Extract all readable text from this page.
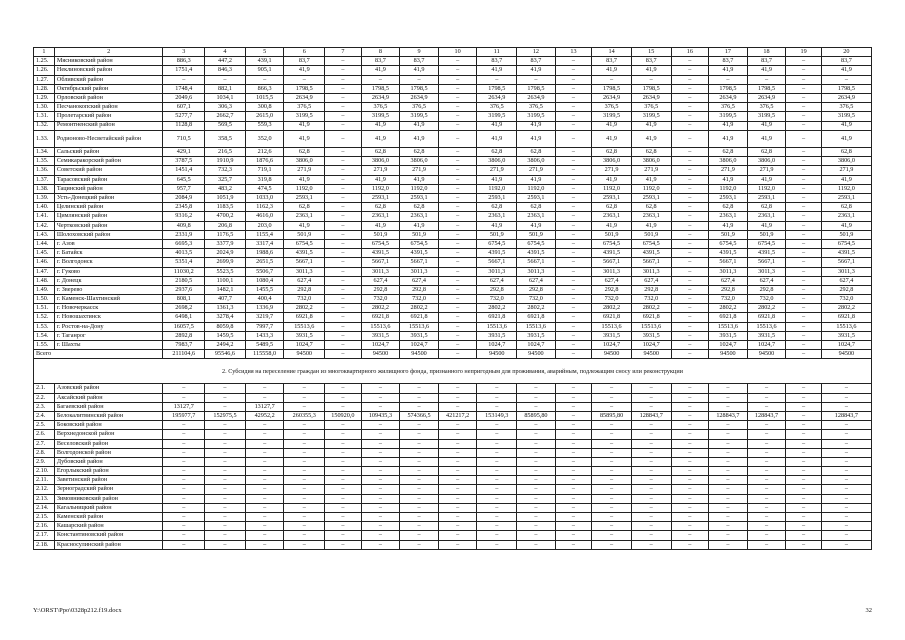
1	2	3	4	5	6	7	8	9	10	11	12	13	14	15	16	17	18	19	20
1.25.	Мясниковский район	886,3	447,2	439,1	83,7	–	83,7	83,7	–	83,7	83,7	–	83,7	83,7	–	83,7	83,7	–	83,7
1.26.	Неклиновский район	1751,4	846,3	905,1	41,9	–	41,9	41,9	–	41,9	41,9	–	41,9	41,9	–	41,9	41,9	–	41,9
1.27.	Обливский район	–	–	–	–	–	–	–	–	–	–	–	–	–	–	–	–	–	–
1.28.	Октябрьский район	1748,4	882,1	866,3	1798,5	–	1798,5	1798,5	–	1798,5	1798,5	–	1798,5	1798,5	–	1798,5	1798,5	–	1798,5
1.29.	Орловский район	2049,6	1034,1	1015,5	2634,9	–	2634,9	2634,9	–	2634,9	2634,9	–	2634,9	2634,9	–	2634,9	2634,9	–	2634,9
1.30.	Песчанокопский район	607,1	306,3	300,8	376,5	–	376,5	376,5	–	376,5	376,5	–	376,5	376,5	–	376,5	376,5	–	376,5
1.31.	Пролетарский район	5277,7	2662,7	2615,0	3199,5	–	3199,5	3199,5	–	3199,5	3199,5	–	3199,5	3199,5	–	3199,5	3199,5	–	3199,5
1.32.	Ремонтненский район	1128,8	569,5	559,3	41,9	–	41,9	41,9	–	41,9	41,9	–	41,9	41,9	–	41,9	41,9	–	41,9
1.33.	Родионово-Несветайский район	710,5	358,5	352,0	41,9	–	41,9	41,9	–	41,9	41,9	–	41,9	41,9	–	41,9	41,9	–	41,9
1.34.	Сальский район	429,1	216,5	212,6	62,8	–	62,8	62,8	–	62,8	62,8	–	62,8	62,8	–	62,8	62,8	–	62,8
1.35.	Семикаракорский район	3787,5	1910,9	1876,6	3806,0	–	3806,0	3806,0	–	3806,0	3806,0	–	3806,0	3806,0	–	3806,0	3806,0	–	3806,0
1.36.	Советский район	1451,4	732,3	719,1	271,9	–	271,9	271,9	–	271,9	271,9	–	271,9	271,9	–	271,9	271,9	–	271,9
1.37.	Тарасовский район	645,5	325,7	319,8	41,9	–	41,9	41,9	–	41,9	41,9	–	41,9	41,9	–	41,9	41,9	–	41,9
1.38.	Тацинский район	957,7	483,2	474,5	1192,0	–	1192,0	1192,0	–	1192,0	1192,0	–	1192,0	1192,0	–	1192,0	1192,0	–	1192,0
1.39.	Усть-Донецкий район	2084,9	1051,9	1033,0	2593,1	–	2593,1	2593,1	–	2593,1	2593,1	–	2593,1	2593,1	–	2593,1	2593,1	–	2593,1
1.40.	Целинский район	2345,8	1183,5	1162,3	62,8	–	62,8	62,8	–	62,8	62,8	–	62,8	62,8	–	62,8	62,8	–	62,8
1.41.	Цимлянский район	9316,2	4700,2	4616,0	2363,1	–	2363,1	2363,1	–	2363,1	2363,1	–	2363,1	2363,1	–	2363,1	2363,1	–	2363,1
1.42.	Чертковский район	409,8	206,8	203,0	41,9	–	41,9	41,9	–	41,9	41,9	–	41,9	41,9	–	41,9	41,9	–	41,9
1.43.	Шолоховский район	2331,9	1176,5	1155,4	501,9	–	501,9	501,9	–	501,9	501,9	–	501,9	501,9	–	501,9	501,9	–	501,9
1.44.	г. Азов	6695,3	3377,9	3317,4	6754,5	–	6754,5	6754,5	–	6754,5	6754,5	–	6754,5	6754,5	–	6754,5	6754,5	–	6754,5
1.45.	г. Батайск	4013,5	2024,9	1988,6	4391,5	–	4391,5	4391,5	–	4391,5	4391,5	–	4391,5	4391,5	–	4391,5	4391,5	–	4391,5
1.46.	г. Волгодонск	5351,4	2699,9	2651,5	5667,1	–	5667,1	5667,1	–	5667,1	5667,1	–	5667,1	5667,1	–	5667,1	5667,1	–	5667,1
1.47.	г. Гуково	11030,2	5523,5	5506,7	3011,3	–	3011,3	3011,3	–	3011,3	3011,3	–	3011,3	3011,3	–	3011,3	3011,3	–	3011,3
1.48.	г. Донецк	2180,5	1100,1	1080,4	627,4	–	627,4	627,4	–	627,4	627,4	–	627,4	627,4	–	627,4	627,4	–	627,4
1.49.	г. Зверево	2937,6	1482,1	1455,5	292,8	–	292,8	292,8	–	292,8	292,8	–	292,8	292,8	–	292,8	292,8	–	292,8
1.50.	г. Каменск-Шахтинский	808,1	407,7	400,4	732,0	–	732,0	732,0	–	732,0	732,0	–	732,0	732,0	–	732,0	732,0	–	732,0
1.51.	г. Новочеркасск	2698,2	1361,3	1336,9	2802,2	–	2802,2	2802,2	–	2802,2	2802,2	–	2802,2	2802,2	–	2802,2	2802,2	–	2802,2
1.52.	г. Новошахтинск	6498,1	3278,4	3219,7	6921,8	–	6921,8	6921,8	–	6921,8	6921,8	–	6921,8	6921,8	–	6921,8	6921,8	–	6921,8
1.53.	г. Ростов-на-Дону	16057,5	8059,8	7997,7	15513,6	–	15513,6	15513,6	–	15513,6	15513,6	–	15513,6	15513,6	–	15513,6	15513,6	–	15513,6
1.54.	г. Таганрог	2892,8	1459,5	1433,3	3931,5	–	3931,5	3931,5	–	3931,5	3931,5	–	3931,5	3931,5	–	3931,5	3931,5	–	3931,5
1.55.	г. Шахты	7983,7	2494,2	5489,5	1024,7	–	1024,7	1024,7	–	1024,7	1024,7	–	1024,7	1024,7	–	1024,7	1024,7	–	1024,7
Всего		211104,6	95546,6	115558,0	94500	–	94500	94500	–	94500	94500	–	94500	94500	–	94500	94500	–	94500
2. Субсидия на переселение граждан из многоквартирного жилищного фонда, признанного непригодным для проживания, аварийным, подлежащим сносу или реконструкции																			
2.1.	Азовский район	–	–	–	–	–	–	–	–	–	–	–	–	–	–	–	–	–	–
2.2.	Аксайский район	–	–	–	–	–	–	–	–	–	–	–	–	–	–	–	–	–	–
2.3.	Багаевский район	13127,7	–	13127,7	–	–	–	–	–	–	–	–	–	–	–	–	–	–	–
2.4.	Белокалитвинский район	195977,7	152975,5	42952,2	260355,3	150920,0	109435,3	574366,5	421217,2	153149,3	85895,80	–	85895,80	128843,7	–	128843,7	128843,7	–	128843,7
2.5.	Боковский район	–	–	–	–	–	–	–	–	–	–	–	–	–	–	–	–	–	–
2.6.	Верхнедонской район	–	–	–	–	–	–	–	–	–	–	–	–	–	–	–	–	–	–
2.7.	Веселовский район	–	–	–	–	–	–	–	–	–	–	–	–	–	–	–	–	–	–
2.8.	Волгодонской район	–	–	–	–	–	–	–	–	–	–	–	–	–	–	–	–	–	–
2.9.	Дубовский район	–	–	–	–	–	–	–	–	–	–	–	–	–	–	–	–	–	–
2.10.	Егорлыкский район	–	–	–	–	–	–	–	–	–	–	–	–	–	–	–	–	–	–
2.11.	Заветинский район	–	–	–	–	–	–	–	–	–	–	–	–	–	–	–	–	–	–
2.12.	Зерноградский район	–	–	–	–	–	–	–	–	–	–	–	–	–	–	–	–	–	–
2.13.	Зимовниковский район	–	–	–	–	–	–	–	–	–	–	–	–	–	–	–	–	–	–
2.14.	Кагальницкий район	–	–	–	–	–	–	–	–	–	–	–	–	–	–	–	–	–	–
2.15.	Каменский район	–	–	–	–	–	–	–	–	–	–	–	–	–	–	–	–	–	–
2.16.	Кашарский район	–	–	–	–	–	–	–	–	–	–	–	–	–	–	–	–	–	–
2.17.	Константиновский район	–	–	–	–	–	–	–	–	–	–	–	–	–	–	–	–	–	–
2.18.	Красносулинский район	–	–	–	–	–	–	–	–	–	–	–	–	–	–	–	–	–	–
Y:\ORST\Ppo\0328p212.f19.docx	32
